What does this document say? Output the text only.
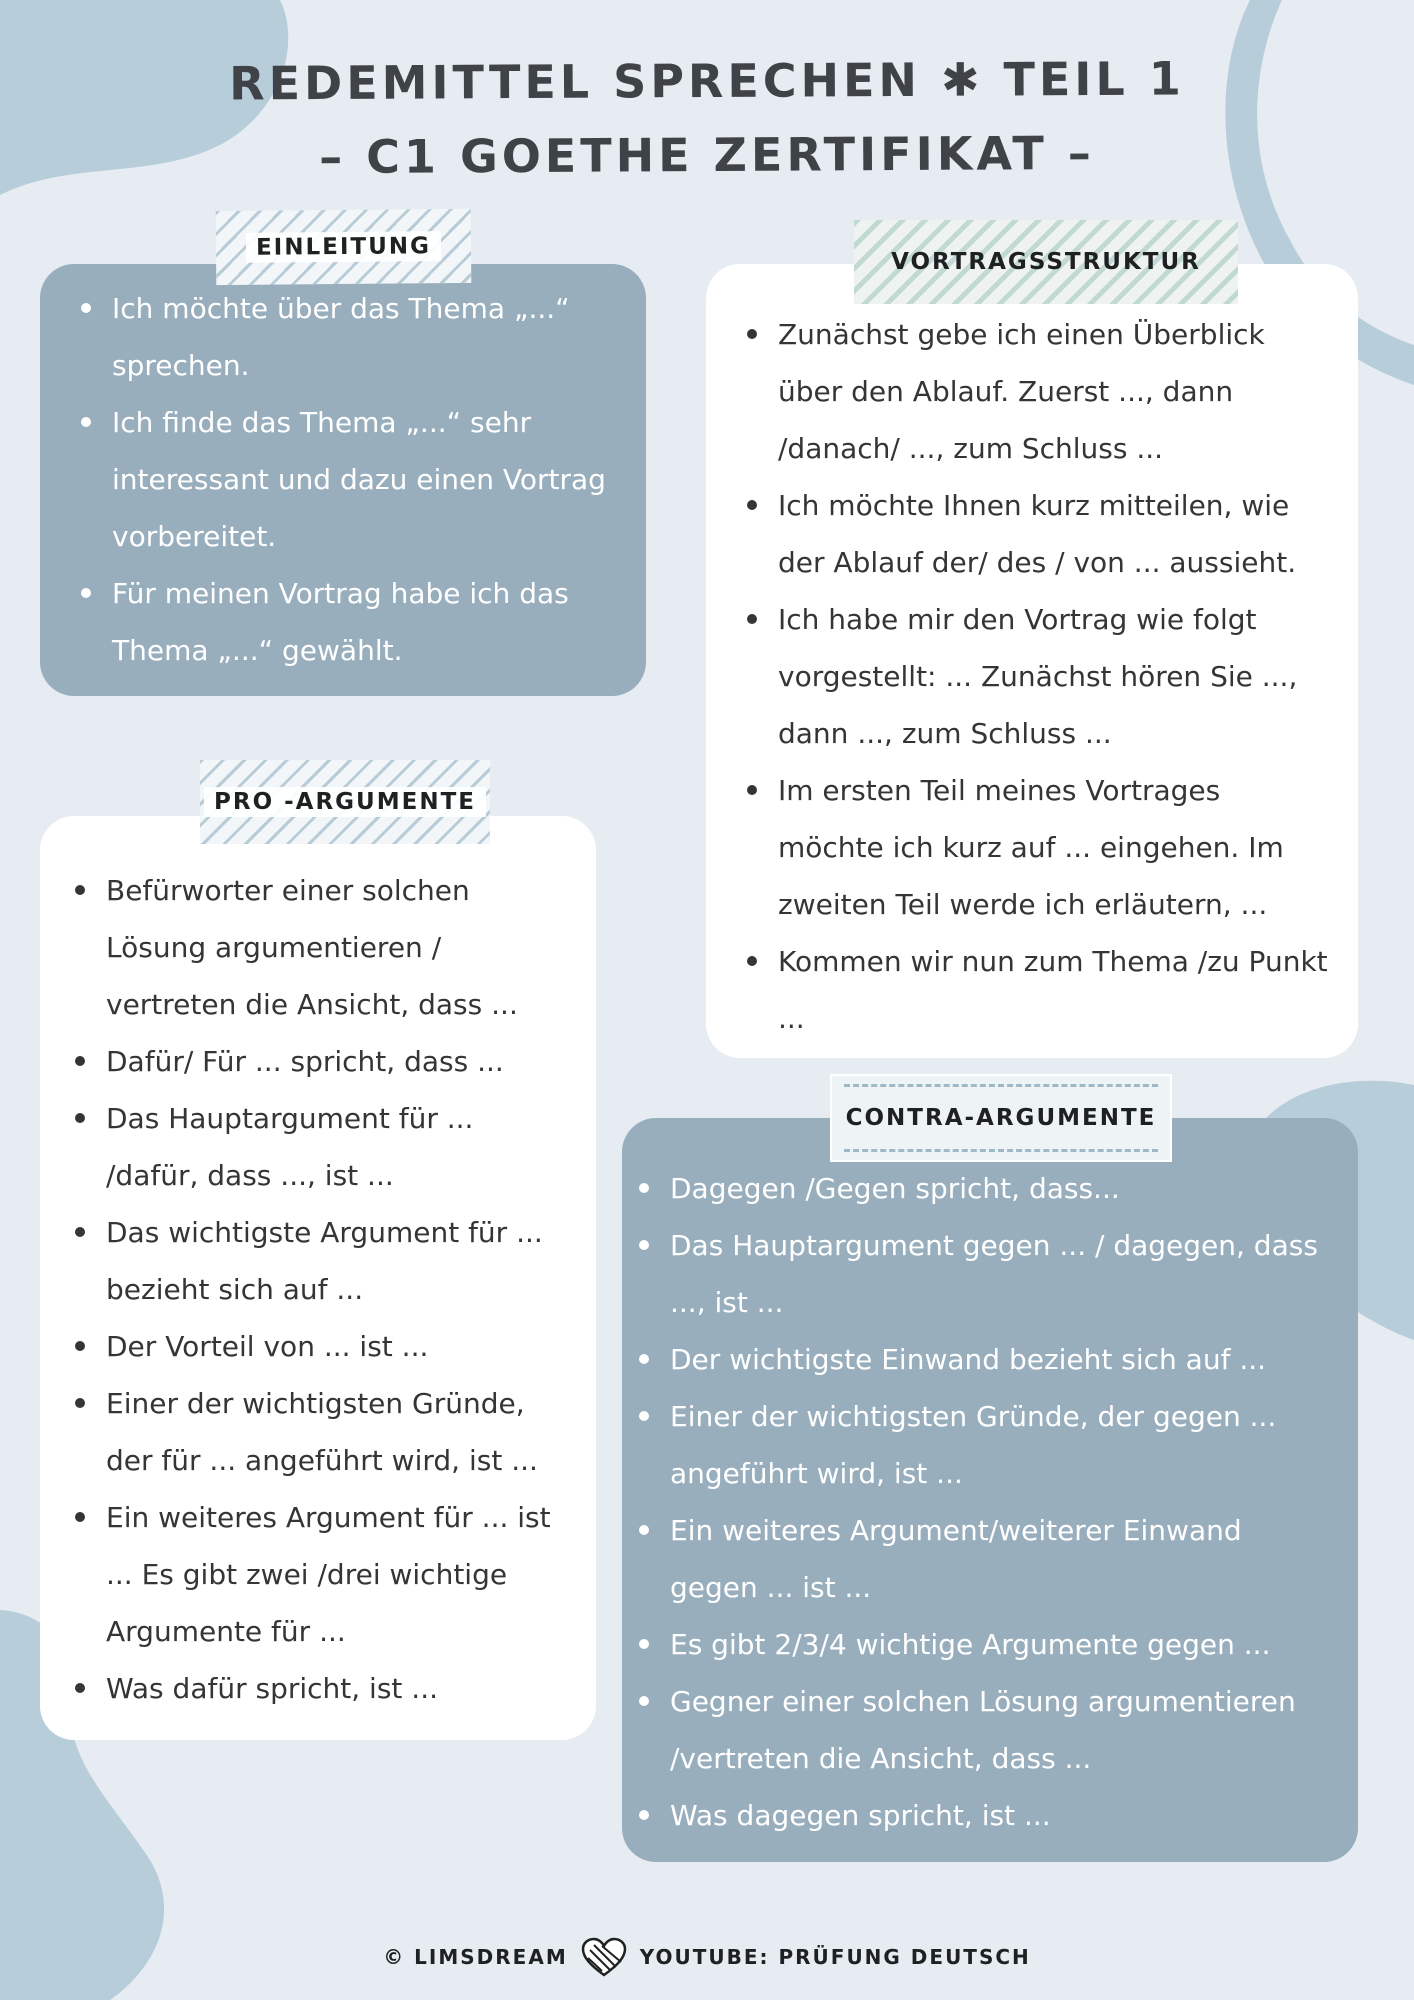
REDEMITTEL SPRECHEN ✱ TEIL 1
– C1 GOETHE ZERTIFIKAT –
Ich möchte über das Thema „...“ sprechen.
Ich finde das Thema „...“ sehr interessant und dazu einen Vortrag vorbereitet.
Für meinen Vortrag habe ich das Thema „...“ gewählt.
EINLEITUNG
Zunächst gebe ich einen Überblick über den Ablauf. Zuerst ..., dann /danach/ ..., zum Schluss ...
Ich möchte Ihnen kurz mitteilen, wie der Ablauf der/ des / von ... aussieht.
Ich habe mir den Vortrag wie folgt vorgestellt: ... Zunächst hören Sie ..., dann ..., zum Schluss ...
Im ersten Teil meines Vortrages möchte ich kurz auf ... eingehen. Im zweiten Teil werde ich erläutern, ...
Kommen wir nun zum Thema /zu Punkt ...
VORTRAGSSTRUKTUR
Befürworter einer solchen Lösung argumentieren / vertreten die Ansicht, dass ...
Dafür/ Für ... spricht, dass ...
Das Hauptargument für ... /dafür, dass ..., ist ...
Das wichtigste Argument für ... bezieht sich auf ...
Der Vorteil von ... ist ...
Einer der wichtigsten Gründe, der für ... angeführt wird, ist ...
Ein weiteres Argument für ... ist ... Es gibt zwei /drei wichtige Argumente für ...
Was dafür spricht, ist ...
PRO -ARGUMENTE
Dagegen /Gegen spricht, dass...
Das Hauptargument gegen ... / dagegen, dass ..., ist ...
Der wichtigste Einwand bezieht sich auf ...
Einer der wichtigsten Gründe, der gegen ... angeführt wird, ist ...
Ein weiteres Argument/weiterer Einwand gegen ... ist ...
Es gibt 2/3/4 wichtige Argumente gegen ...
Gegner einer solchen Lösung argumentieren /vertreten die Ansicht, dass ...
Was dagegen spricht, ist ...
CONTRA-ARGUMENTE
© LIMSDREAM	YOUTUBE: PRÜFUNG DEUTSCH
